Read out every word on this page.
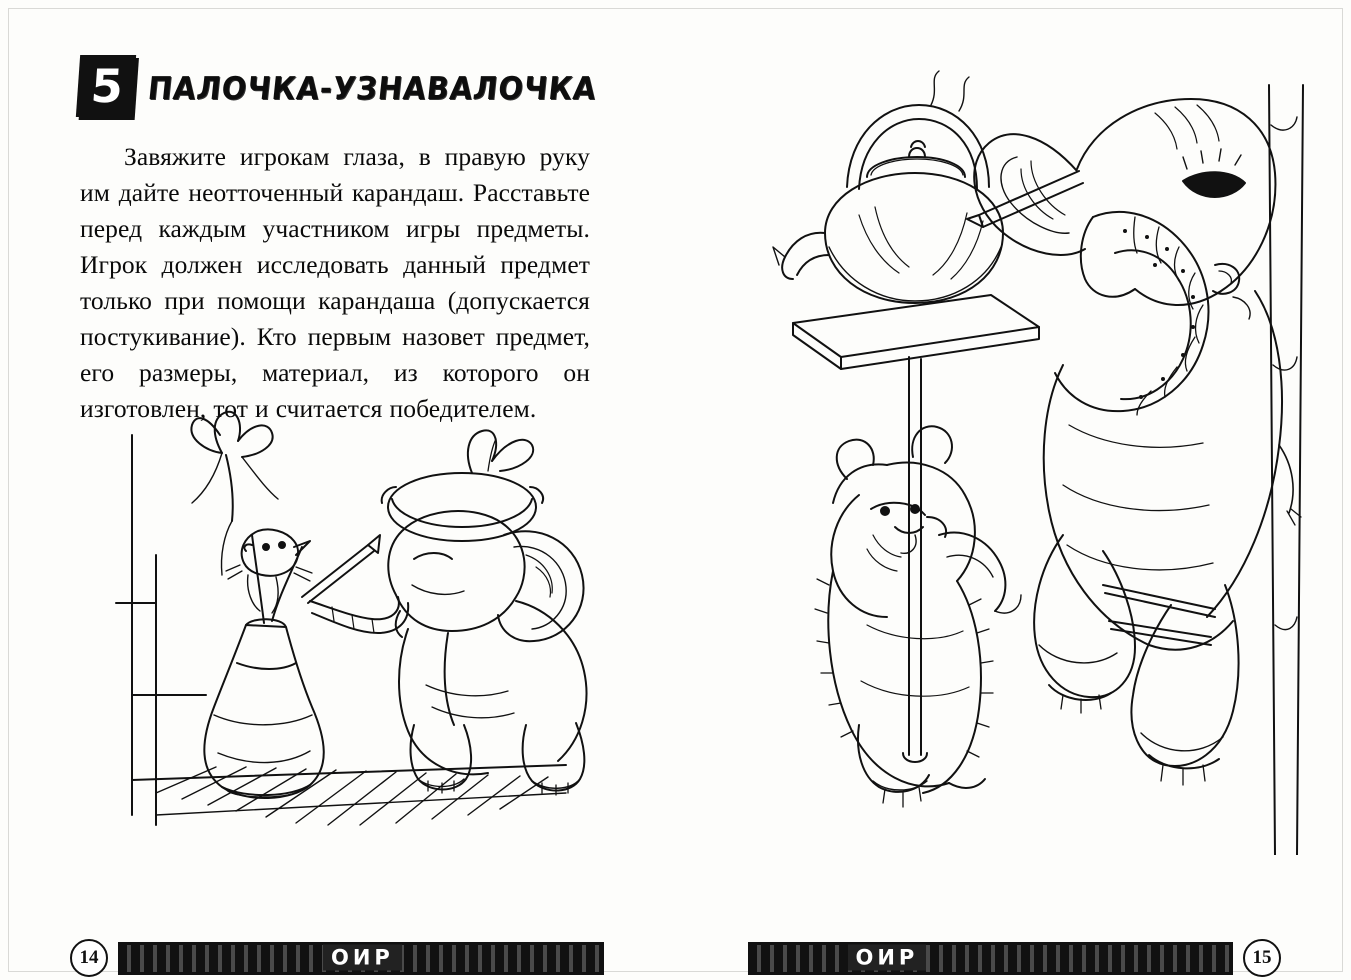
5 ПАЛОЧКА-УЗНАВАЛОЧКА
Завяжите игрокам глаза, в правую руку им дайте неотточенный карандаш. Расставьте перед каждым участником игры предметы. Игрок должен исследовать данный предмет только при помощи карандаша (допускается постукивание). Кто первым назовет предмет, его размеры, материал, из которого он изготовлен, тот и считается победителем.
14	ОИР	ОИР	15
